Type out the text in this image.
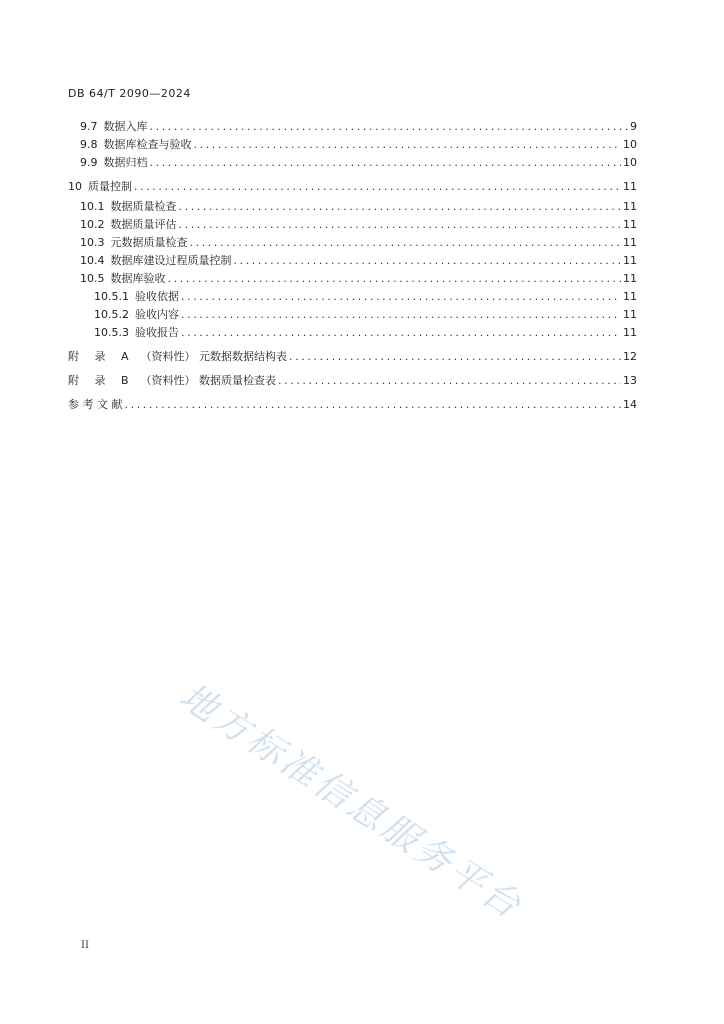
DB 64/T 2090—2024
9.7 数据入库 .....	9
9.8 数据库检查与验收 .....	10
9.9 数据归档 .....	10
10 质量控制 .....	11
10.1 数据质量检查 .....	11
10.2 数据质量评估 .....	11
10.3 元数据质量检查 .....	11
10.4 数据库建设过程质量控制 .....	11
10.5 数据库验收 .....	11
10.5.1 验收依据 .....	11
10.5.2 验收内容 .....	11
10.5.3 验收报告 .....	11
附 录 A （资料性） 元数据数据结构表 .....	12
附 录 B （资料性） 数据质量检查表 .....	13
参 考 文 献 .....	14
地方标准信息服务平台
II
